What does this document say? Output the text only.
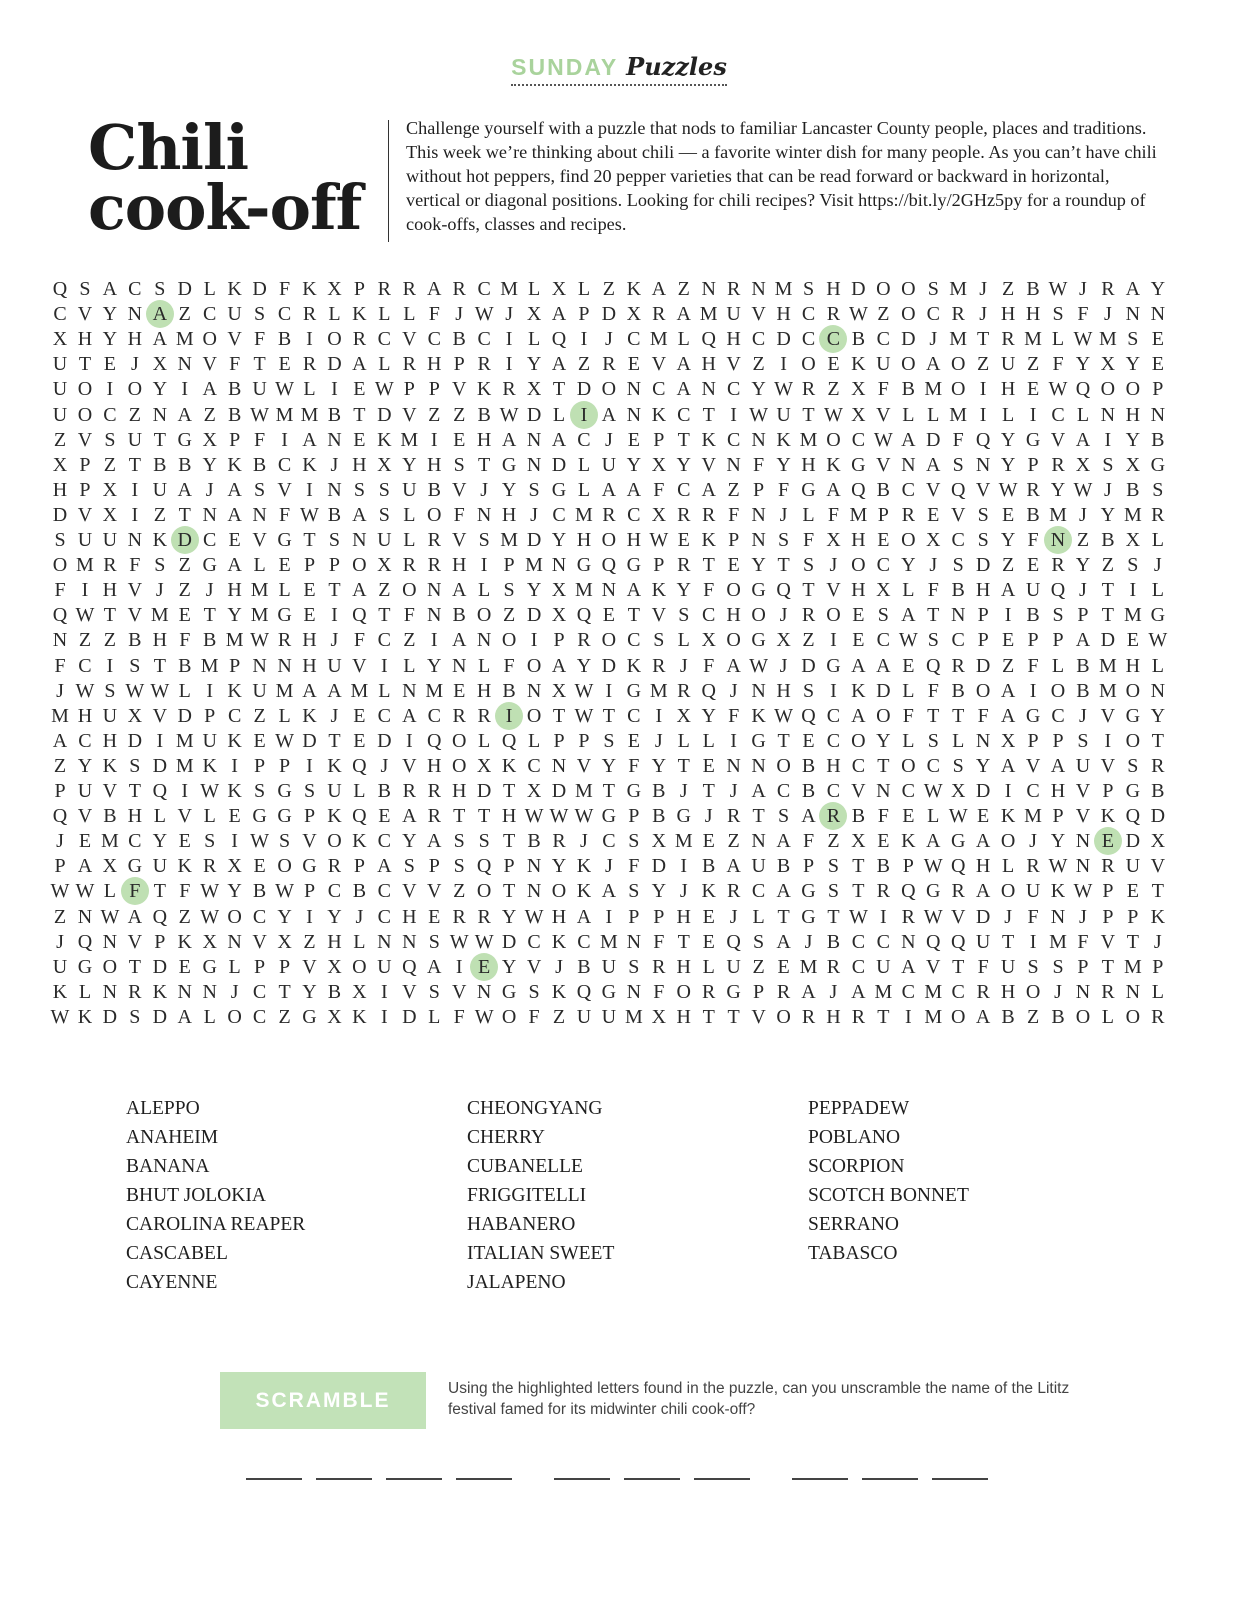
SUNDAY Puzzles
Chili
cook-off
Challenge yourself with a puzzle that nods to familiar Lancaster County people, places and traditions. This week we’re thinking about chili — a favorite winter dish for many people. As you can’t have chili without hot peppers, find 20 pepper varieties that can be read forward or backward in horizontal, vertical or diagonal positions. Looking for chili recipes? Visit https://bit.ly/2GHz5py for a roundup of cook-offs, classes and recipes.
Q S A C S D L K D F K X P R R A R C M L X L Z K A Z N R N M S H D O O S M J Z B W J R A Y
C V Y N A Z C U S C R L K L L F J W J X A P D X R A M U V H C R W Z O C R J H H S F J N N
X H Y H A M O V F B I O R C V C B C I L Q I J C M L Q H C D C C B C D J M T R M L W M S E
U T E J X N V F T E R D A L R H P R I Y A Z R E V A H V Z I O E K U O A O Z U Z F Y X Y E
U O I O Y I A B U W L I E W P P V K R X T D O N C A N C Y W R Z X F B M O I H E W Q O O P
U O C Z N A Z B W M M B T D V Z Z B W D L I A N K C T I W U T W X V L L M I L I C L N H N
Z V S U T G X P F I A N E K M I E H A N A C J E P T K C N K M O C W A D F Q Y G V A I Y B
X P Z T B B Y K B C K J H X Y H S T G N D L U Y X Y V N F Y H K G V N A S N Y P R X S X G
H P X I U A J A S V I N S S U B V J Y S G L A A F C A Z P F G A Q B C V Q V W R Y W J B S
D V X I Z T N A N F W B A S L O F N H J C M R C X R R F N J L F M P R E V S E B M J Y M R
S U U N K D C E V G T S N U L R V S M D Y H O H W E K P N S F X H E O X C S Y F N Z B X L
O M R F S Z G A L E P P O X R R H I P M N G Q G P R T E Y T S J O C Y J S D Z E R Y Z S J
F I H V J Z J H M L E T A Z O N A L S Y X M N A K Y F O G Q T V H X L F B H A U Q J T I L
Q W T V M E T Y M G E I Q T F N B O Z D X Q E T V S C H O J R O E S A T N P I B S P T M G
N Z Z B H F B M W R H J F C Z I A N O I P R O C S L X O G X Z I E C W S C P E P P A D E W
F C I S T B M P N N H U V I L Y N L F O A Y D K R J F A W J D G A A E Q R D Z F L B M H L
J W S W W L I K U M A A M L N M E H B N X W I G M R Q J N H S I K D L F B O A I O B M O N
M H U X V D P C Z L K J E C A C R R I O T W T C I X Y F K W Q C A O F T T F A G C J V G Y
A C H D I M U K E W D T E D I Q O L Q L P P S E J L L I G T E C O Y L S L N X P P S I O T
Z Y K S D M K I P P I K Q J V H O X K C N V Y F Y T E N N O B H C T O C S Y A V A U V S R
P U V T Q I W K S G S U L B R R H D T X D M T G B J T J A C B C V N C W X D I C H V P G B
Q V B H L V L E G G P K Q E A R T T H W W W G P B G J R T S A R B F E L W E K M P V K Q D
J E M C Y E S I W S V O K C Y A S S T B R J C S X M E Z N A F Z X E K A G A O J Y N E D X
P A X G U K R X E O G R P A S P S Q P N Y K J F D I B A U B P S T B P W Q H L R W N R U V
W W L F T F W Y B W P C B C V V Z O T N O K A S Y J K R C A G S T R Q G R A O U K W P E T
Z N W A Q Z W O C Y I Y J C H E R R Y W H A I P P H E J L T G T W I R W V D J F N J P P K
J Q N V P K X N V X Z H L N N S W W D C K C M N F T E Q S A J B C C N Q Q U T I M F V T J
U G O T D E G L P P V X O U Q A I E Y V J B U S R H L U Z E M R C U A V T F U S S P T M P
K L N R K N N J C T Y B X I V S V N G S K Q G N F O R G P R A J A M C M C R H O J N R N L
W K D S D A L O C Z G X K I D L F W O F Z U U M X H T T V O R H R T I M O A B Z B O L O R
ALEPPO
ANAHEIM
BANANA
BHUT JOLOKIA
CAROLINA REAPER
CASCABEL
CAYENNE
CHEONGYANG
CHERRY
CUBANELLE
FRIGGITELLI
HABANERO
ITALIAN SWEET
JALAPENO
PEPPADEW
POBLANO
SCORPION
SCOTCH BONNET
SERRANO
TABASCO
SCRAMBLE
Using the highlighted letters found in the puzzle, can you unscramble the name of the Lititz festival famed for its midwinter chili cook-off?
